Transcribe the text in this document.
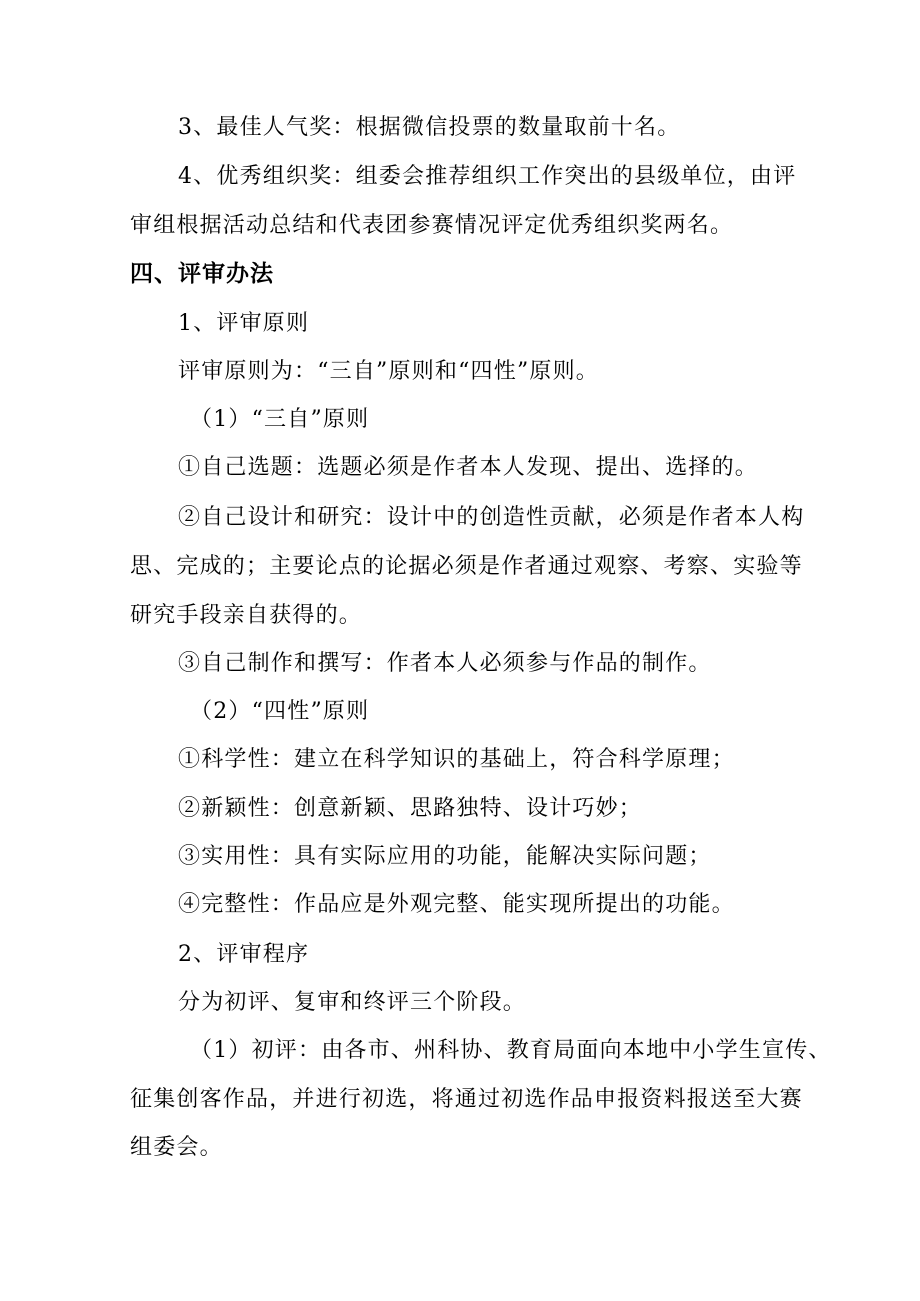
3、最佳人气奖：根据微信投票的数量取前十名。
4、优秀组织奖：组委会推荐组织工作突出的县级单位，由评
审组根据活动总结和代表团参赛情况评定优秀组织奖两名。
四、评审办法
1、评审原则
评审原则为：“三自”原则和“四性”原则。
（1）“三自”原则
①自己选题：选题必须是作者本人发现、提出、选择的。
②自己设计和研究：设计中的创造性贡献，必须是作者本人构
思、完成的；主要论点的论据必须是作者通过观察、考察、实验等
研究手段亲自获得的。
③自己制作和撰写：作者本人必须参与作品的制作。
（2）“四性”原则
①科学性：建立在科学知识的基础上，符合科学原理；
②新颖性：创意新颖、思路独特、设计巧妙；
③实用性：具有实际应用的功能，能解决实际问题；
④完整性：作品应是外观完整、能实现所提出的功能。
2、评审程序
分为初评、复审和终评三个阶段。
（1）初评：由各市、州科协、教育局面向本地中小学生宣传、
征集创客作品，并进行初选，将通过初选作品申报资料报送至大赛
组委会。
